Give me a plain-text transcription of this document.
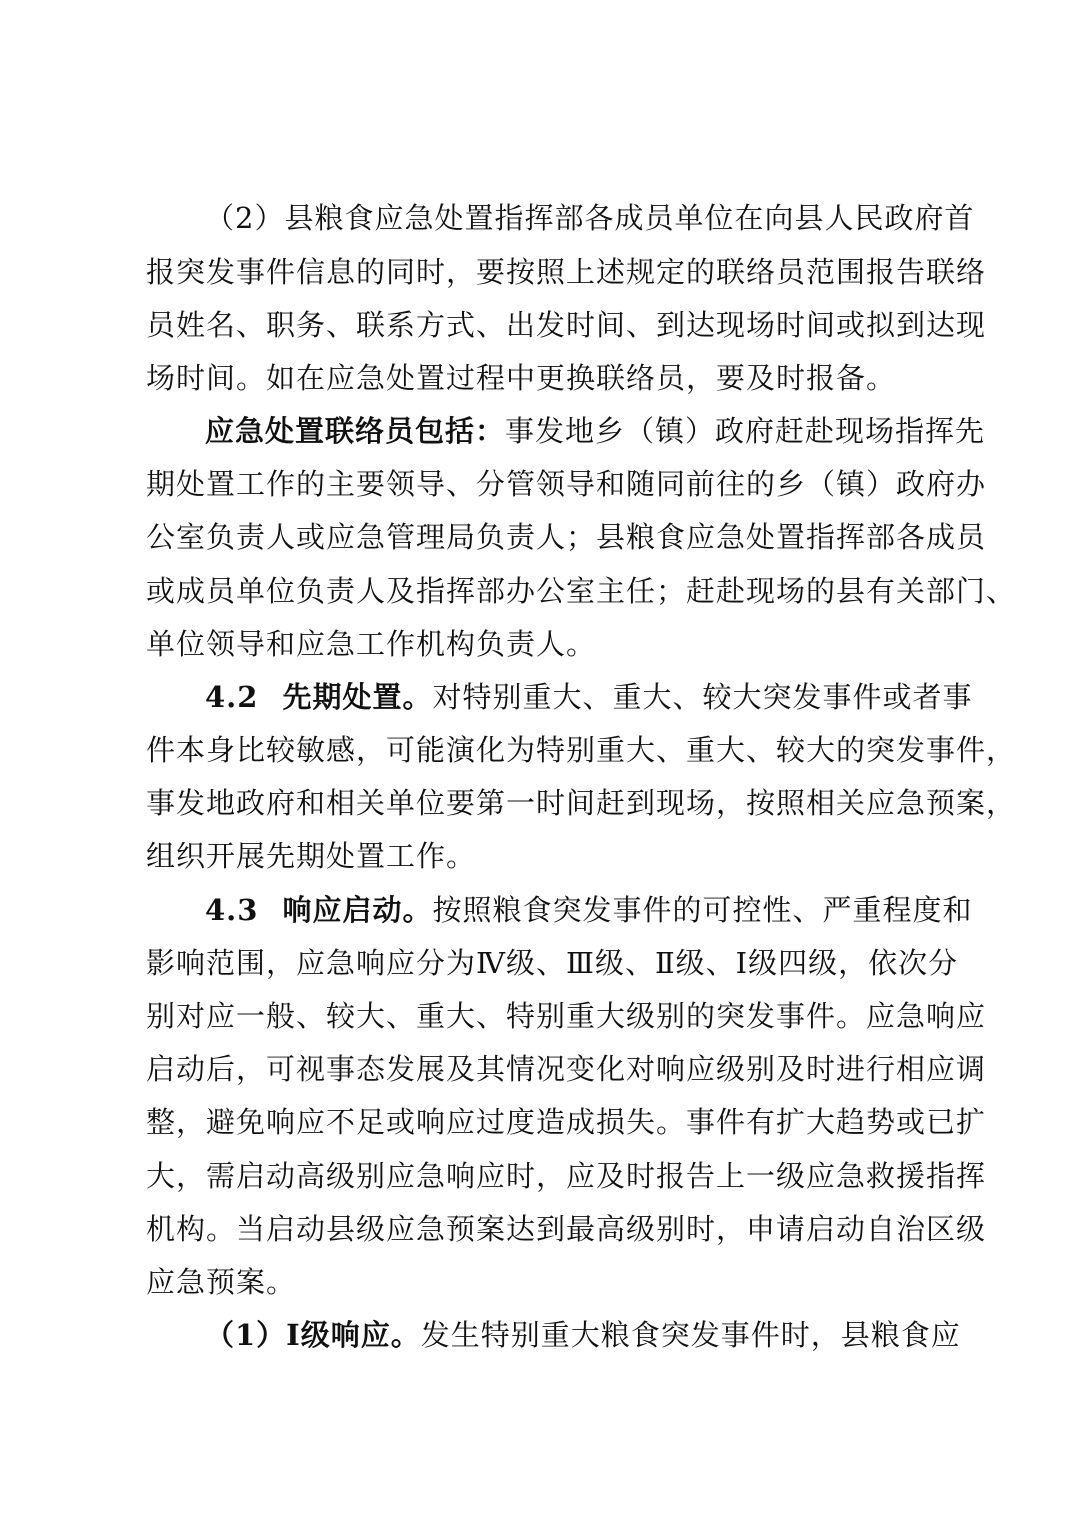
（2）县粮食应急处置指挥部各成员单位在向县人民政府首
报突发事件信息的同时，要按照上述规定的联络员范围报告联络
员姓名、职务、联系方式、出发时间、到达现场时间或拟到达现
场时间。如在应急处置过程中更换联络员，要及时报备。
应急处置联络员包括：事发地乡（镇）政府赶赴现场指挥先
期处置工作的主要领导、分管领导和随同前往的乡（镇）政府办
公室负责人或应急管理局负责人；县粮食应急处置指挥部各成员
或成员单位负责人及指挥部办公室主任；赶赴现场的县有关部门、
单位领导和应急工作机构负责人。
4.2 先期处置。对特别重大、重大、较大突发事件或者事
件本身比较敏感，可能演化为特别重大、重大、较大的突发事件，
事发地政府和相关单位要第一时间赶到现场，按照相关应急预案，
组织开展先期处置工作。
4.3 响应启动。按照粮食突发事件的可控性、严重程度和
影响范围，应急响应分为Ⅳ级、Ⅲ级、Ⅱ级、Ⅰ级四级，依次分
别对应一般、较大、重大、特别重大级别的突发事件。应急响应
启动后，可视事态发展及其情况变化对响应级别及时进行相应调
整，避免响应不足或响应过度造成损失。事件有扩大趋势或已扩
大，需启动高级别应急响应时，应及时报告上一级应急救援指挥
机构。当启动县级应急预案达到最高级别时，申请启动自治区级
应急预案。
（1）Ⅰ级响应。发生特别重大粮食突发事件时，县粮食应
